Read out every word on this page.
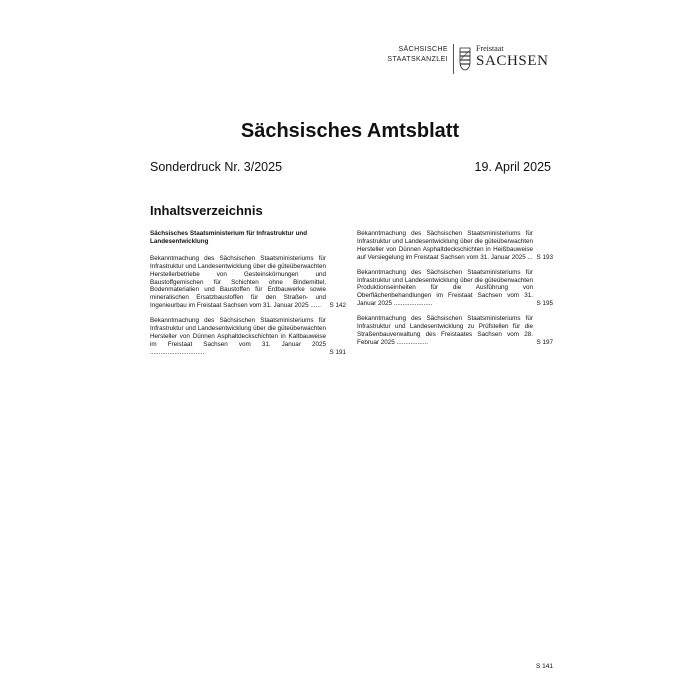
SÄCHSISCHE
STAATSKANZLEI
Freistaat
SACHSEN
Sächsisches Amtsblatt
Sonderdruck Nr. 3/2025	19. April 2025
Inhaltsverzeichnis
Sächsisches Staatsministerium für Infrastruktur und Landesentwicklung
Bekanntmachung des Sächsischen Staatsministeriums für Infrastruktur und Landesentwicklung über die güteüberwachten Herstellerbetriebe von Gesteinskörnungen und Baustoffgemischen für Schichten ohne Bindemittel, Bodenmaterialien und Baustoffen für Erdbauwerke sowie mineralischen Ersatzbaustoffen für den Straßen- und Ingenieurbau im Freistaat Sachsen vom 31. Januar 2025 ......	S 142
Bekanntmachung des Sächsischen Staatsministeriums für Infrastruktur und Landesentwicklung über die güteüberwachten Hersteller von Dünnen Asphaltdeckschichten in Kaltbauweise im Freistaat Sachsen vom 31. Januar 2025 ...............................	S 191
Bekanntmachung des Sächsischen Staatsministeriums für Infrastruktur und Landesentwicklung über die güteüberwachten Hersteller von Dünnen Asphaltdeckschichten in Heißbauweise auf Versiegelung im Freistaat Sachsen vom 31. Januar 2025 ... S 193
Bekanntmachung des Sächsischen Staatsministeriums für Infrastruktur und Landesentwicklung über die güteüberwachten Produktionseinheiten für die Ausführung von Oberflächenbehandlungen im Freistaat Sachsen vom 31. Januar 2025 ......................	S 195
Bekanntmachung des Sächsischen Staatsministeriums für Infrastruktur und Landesentwicklung zu Prüfstellen für die Straßenbauverwaltung des Freistaates Sachsen vom 28. Februar 2025 ..................	S 197
S 141
